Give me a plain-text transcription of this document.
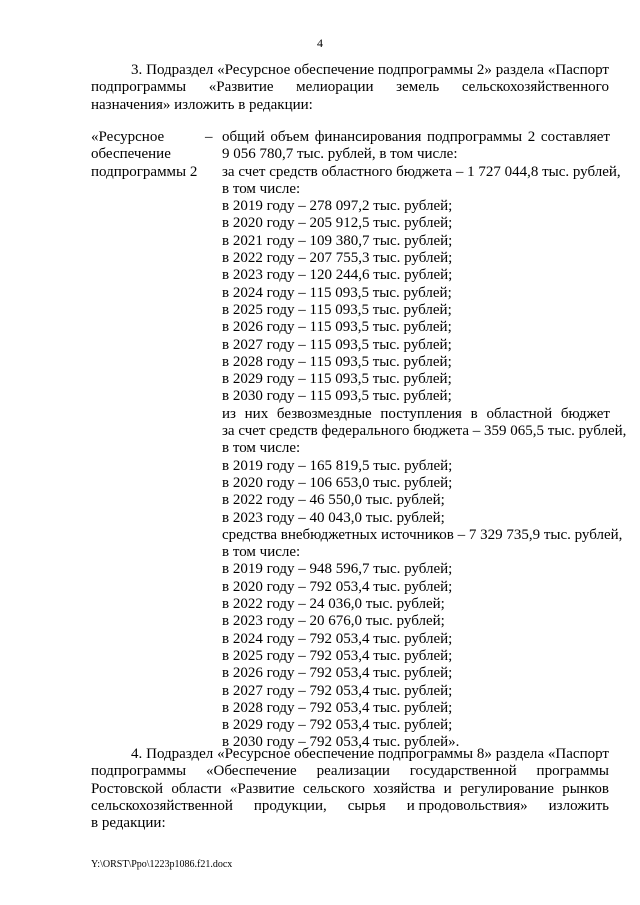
4
3. Подраздел «Ресурсное обеспечение подпрограммы 2» раздела «Паспорт
подпрограммы «Развитие мелиорации земель сельскохозяйственного
назначения» изложить в редакции:
«Ресурсное
обеспечение
подпрограммы 2
– общий объем финансирования подпрограммы 2 составляет
9 056 780,7 тыс. рублей, в том числе:
за счет средств областного бюджета – 1 727 044,8 тыс. рублей,
в том числе:
в 2019 году – 278 097,2 тыс. рублей;
в 2020 году – 205 912,5 тыс. рублей;
в 2021 году – 109 380,7 тыс. рублей;
в 2022 году – 207 755,3 тыс. рублей;
в 2023 году – 120 244,6 тыс. рублей;
в 2024 году – 115 093,5 тыс. рублей;
в 2025 году – 115 093,5 тыс. рублей;
в 2026 году – 115 093,5 тыс. рублей;
в 2027 году – 115 093,5 тыс. рублей;
в 2028 году – 115 093,5 тыс. рублей;
в 2029 году – 115 093,5 тыс. рублей;
в 2030 году – 115 093,5 тыс. рублей;
из них безвозмездные поступления в областной бюджет
за счет средств федерального бюджета – 359 065,5 тыс. рублей,
в том числе:
в 2019 году – 165 819,5 тыс. рублей;
в 2020 году – 106 653,0 тыс. рублей;
в 2022 году – 46 550,0 тыс. рублей;
в 2023 году – 40 043,0 тыс. рублей;
средства внебюджетных источников – 7 329 735,9 тыс. рублей,
в том числе:
в 2019 году – 948 596,7 тыс. рублей;
в 2020 году – 792 053,4 тыс. рублей;
в 2022 году – 24 036,0 тыс. рублей;
в 2023 году – 20 676,0 тыс. рублей;
в 2024 году – 792 053,4 тыс. рублей;
в 2025 году – 792 053,4 тыс. рублей;
в 2026 году – 792 053,4 тыс. рублей;
в 2027 году – 792 053,4 тыс. рублей;
в 2028 году – 792 053,4 тыс. рублей;
в 2029 году – 792 053,4 тыс. рублей;
в 2030 году – 792 053,4 тыс. рублей».
4. Подраздел «Ресурсное обеспечение подпрограммы 8» раздела «Паспорт
подпрограммы «Обеспечение реализации государственной программы
Ростовской области «Развитие сельского хозяйства и регулирование рынков
сельскохозяйственной продукции, сырья и продовольствия» изложить
в редакции:
Y:\ORST\Ppo\1223p1086.f21.docx
